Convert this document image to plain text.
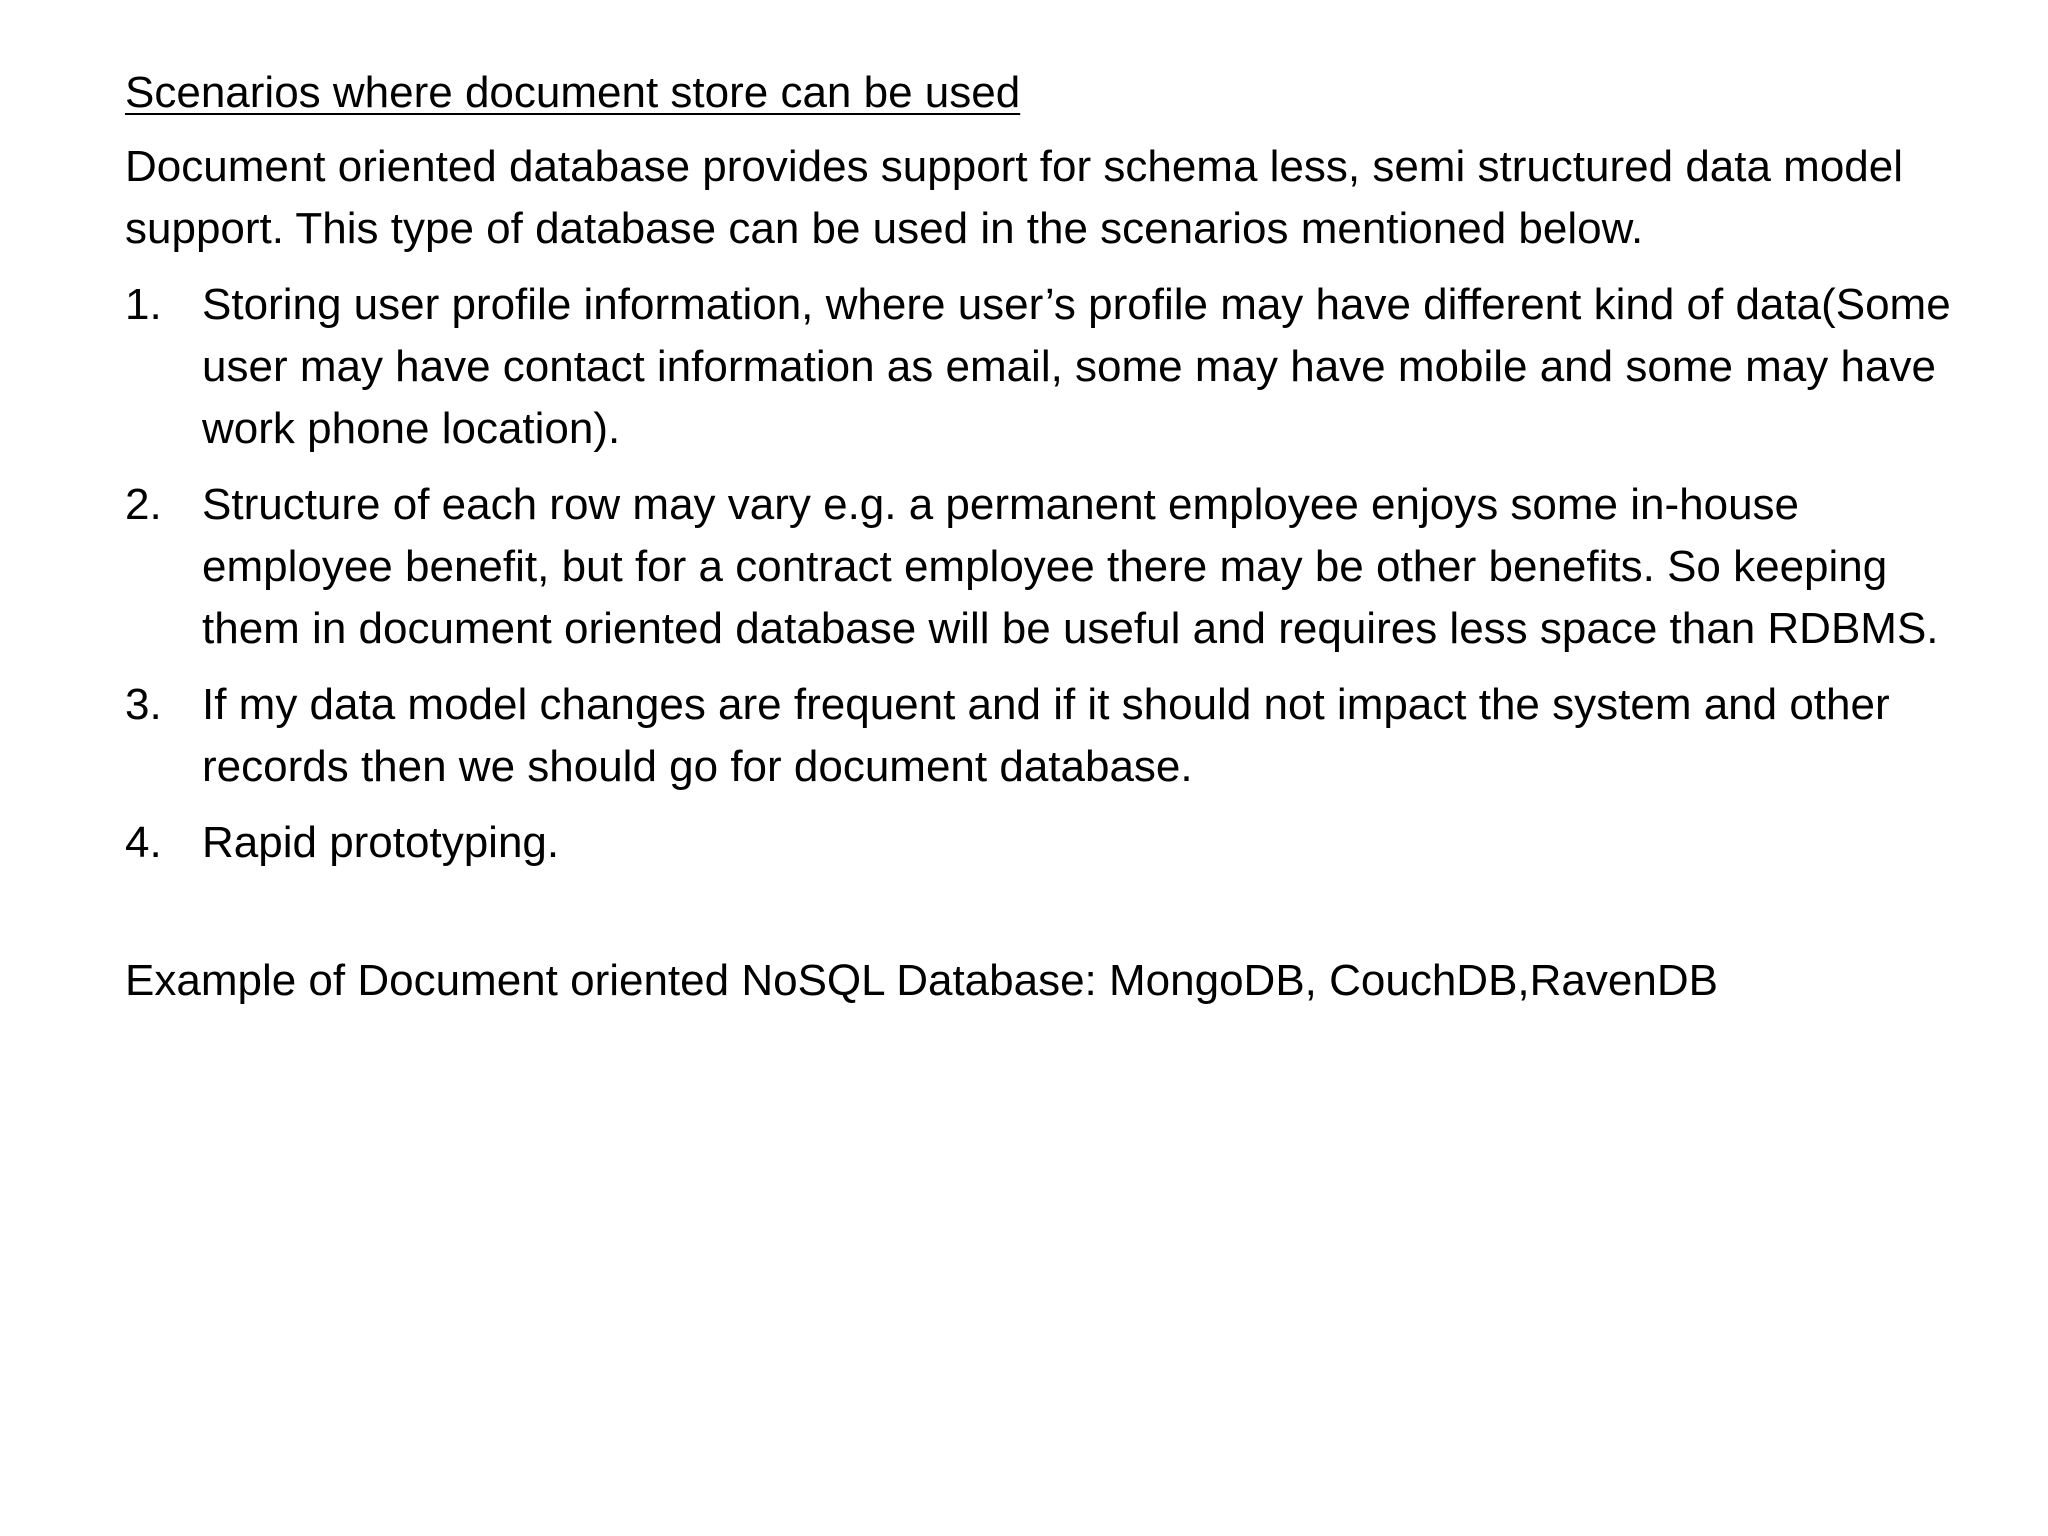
Scenarios where document store can be used
Document oriented database provides support for schema less, semi structured data model support. This type of database can be used in the scenarios mentioned below.
1. Storing user profile information, where user’s profile may have different kind of data(Some user may have contact information as email, some may have mobile and some may have work phone location).
2. Structure of each row may vary e.g. a permanent employee enjoys some in-house employee benefit, but for a contract employee there may be other benefits. So keeping them in document oriented database will be useful and requires less space than RDBMS.
3. If my data model changes are frequent and if it should not impact the system and other records then we should go for document database.
4. Rapid prototyping.
Example of Document oriented NoSQL Database: MongoDB, CouchDB,RavenDB
